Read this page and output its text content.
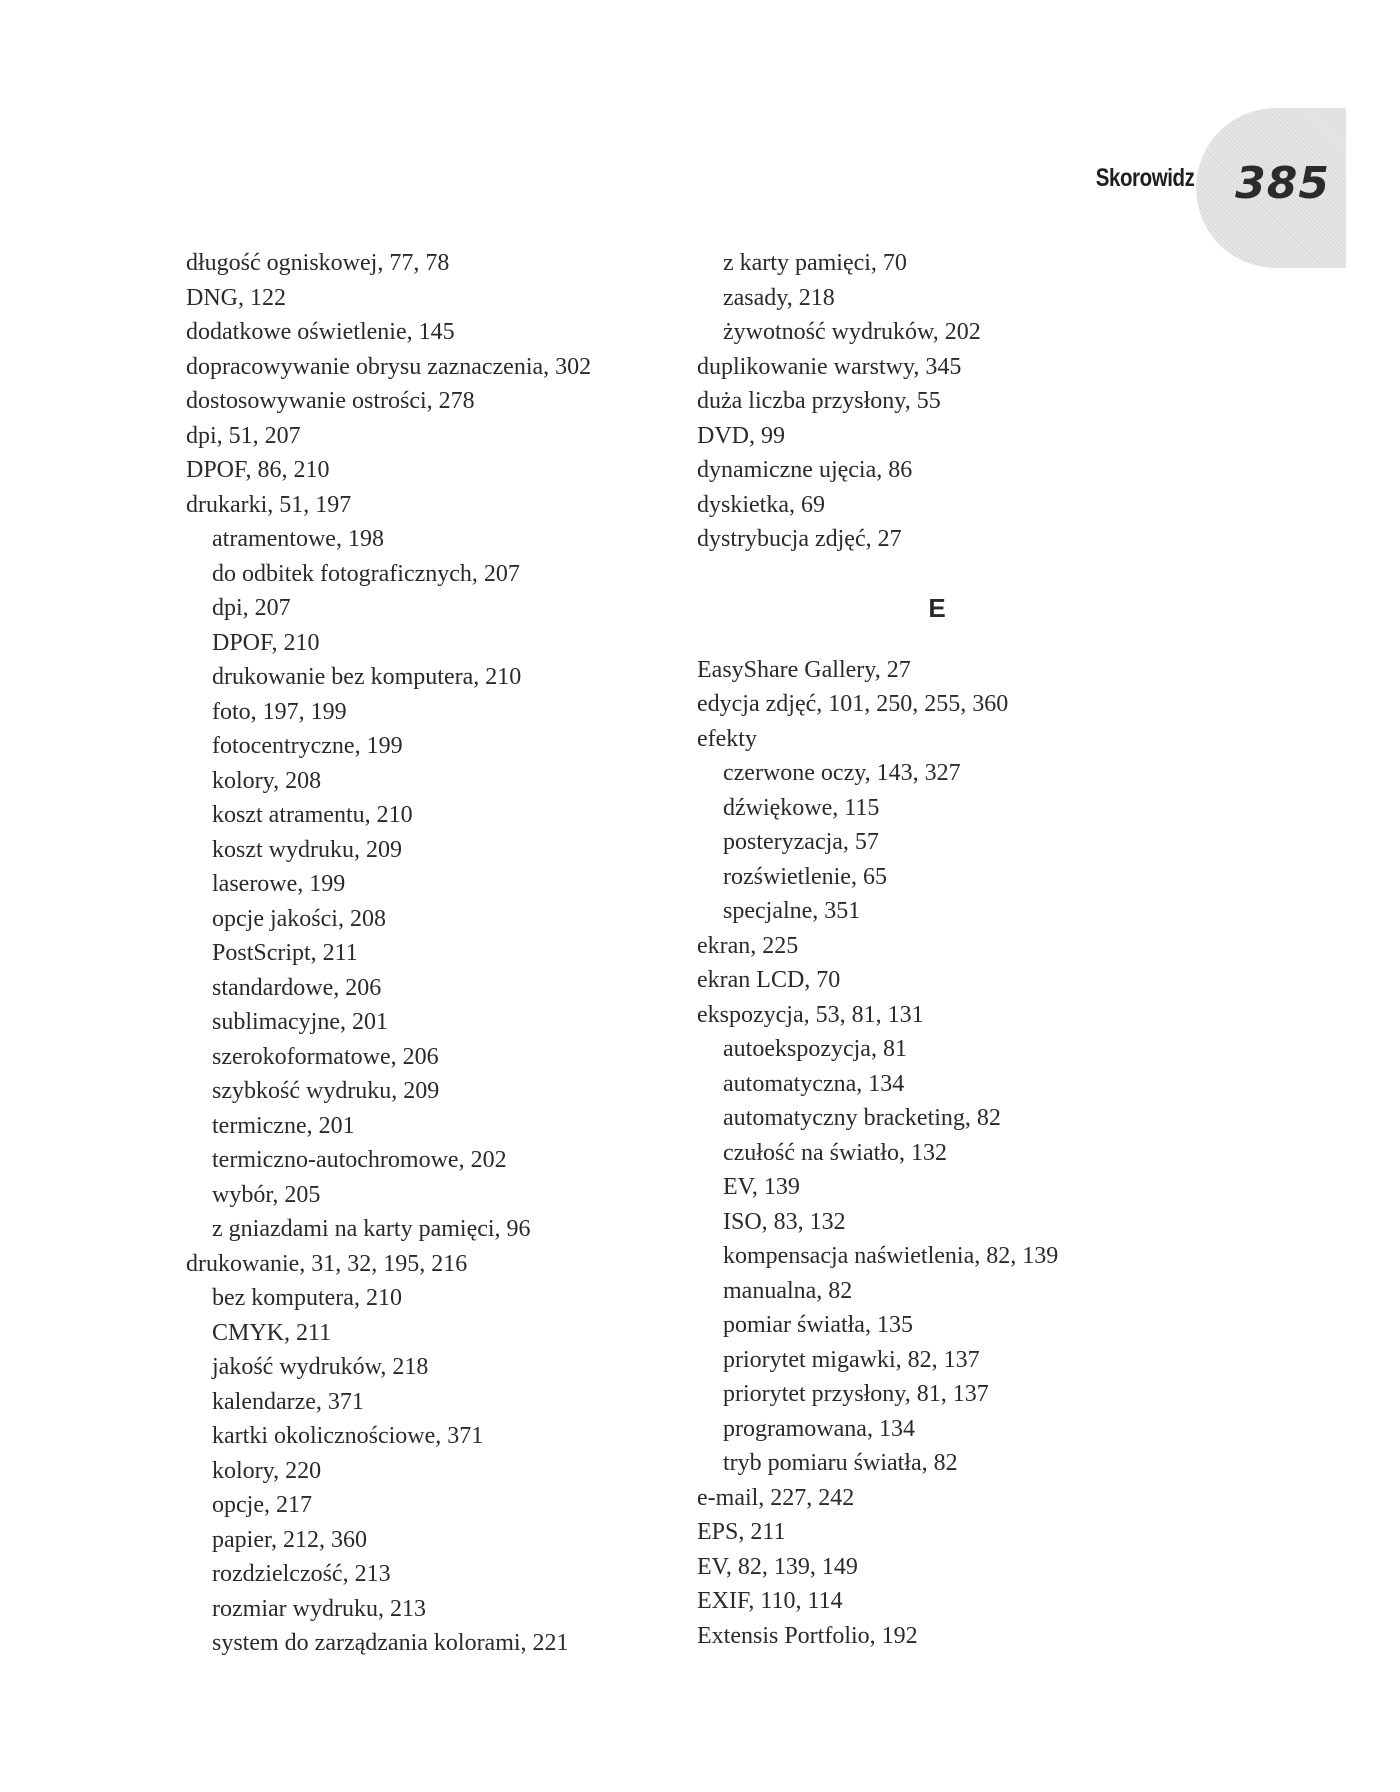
Skorowidz 385
długość ogniskowej, 77, 78
DNG, 122
dodatkowe oświetlenie, 145
dopracowywanie obrysu zaznaczenia, 302
dostosowywanie ostrości, 278
dpi, 51, 207
DPOF, 86, 210
drukarki, 51, 197
atramentowe, 198
do odbitek fotograficznych, 207
dpi, 207
DPOF, 210
drukowanie bez komputera, 210
foto, 197, 199
fotocentryczne, 199
kolory, 208
koszt atramentu, 210
koszt wydruku, 209
laserowe, 199
opcje jakości, 208
PostScript, 211
standardowe, 206
sublimacyjne, 201
szerokoformatowe, 206
szybkość wydruku, 209
termiczne, 201
termiczno-autochromowe, 202
wybór, 205
z gniazdami na karty pamięci, 96
drukowanie, 31, 32, 195, 216
bez komputera, 210
CMYK, 211
jakość wydruków, 218
kalendarze, 371
kartki okolicznościowe, 371
kolory, 220
opcje, 217
papier, 212, 360
rozdzielczość, 213
rozmiar wydruku, 213
system do zarządzania kolorami, 221
z karty pamięci, 70
zasady, 218
żywotność wydruków, 202
duplikowanie warstwy, 345
duża liczba przysłony, 55
DVD, 99
dynamiczne ujęcia, 86
dyskietka, 69
dystrybucja zdjęć, 27
E
EasyShare Gallery, 27
edycja zdjęć, 101, 250, 255, 360
efekty
czerwone oczy, 143, 327
dźwiękowe, 115
posteryzacja, 57
rozświetlenie, 65
specjalne, 351
ekran, 225
ekran LCD, 70
ekspozycja, 53, 81, 131
autoekspozycja, 81
automatyczna, 134
automatyczny bracketing, 82
czułość na światło, 132
EV, 139
ISO, 83, 132
kompensacja naświetlenia, 82, 139
manualna, 82
pomiar światła, 135
priorytet migawki, 82, 137
priorytet przysłony, 81, 137
programowana, 134
tryb pomiaru światła, 82
e-mail, 227, 242
EPS, 211
EV, 82, 139, 149
EXIF, 110, 114
Extensis Portfolio, 192
